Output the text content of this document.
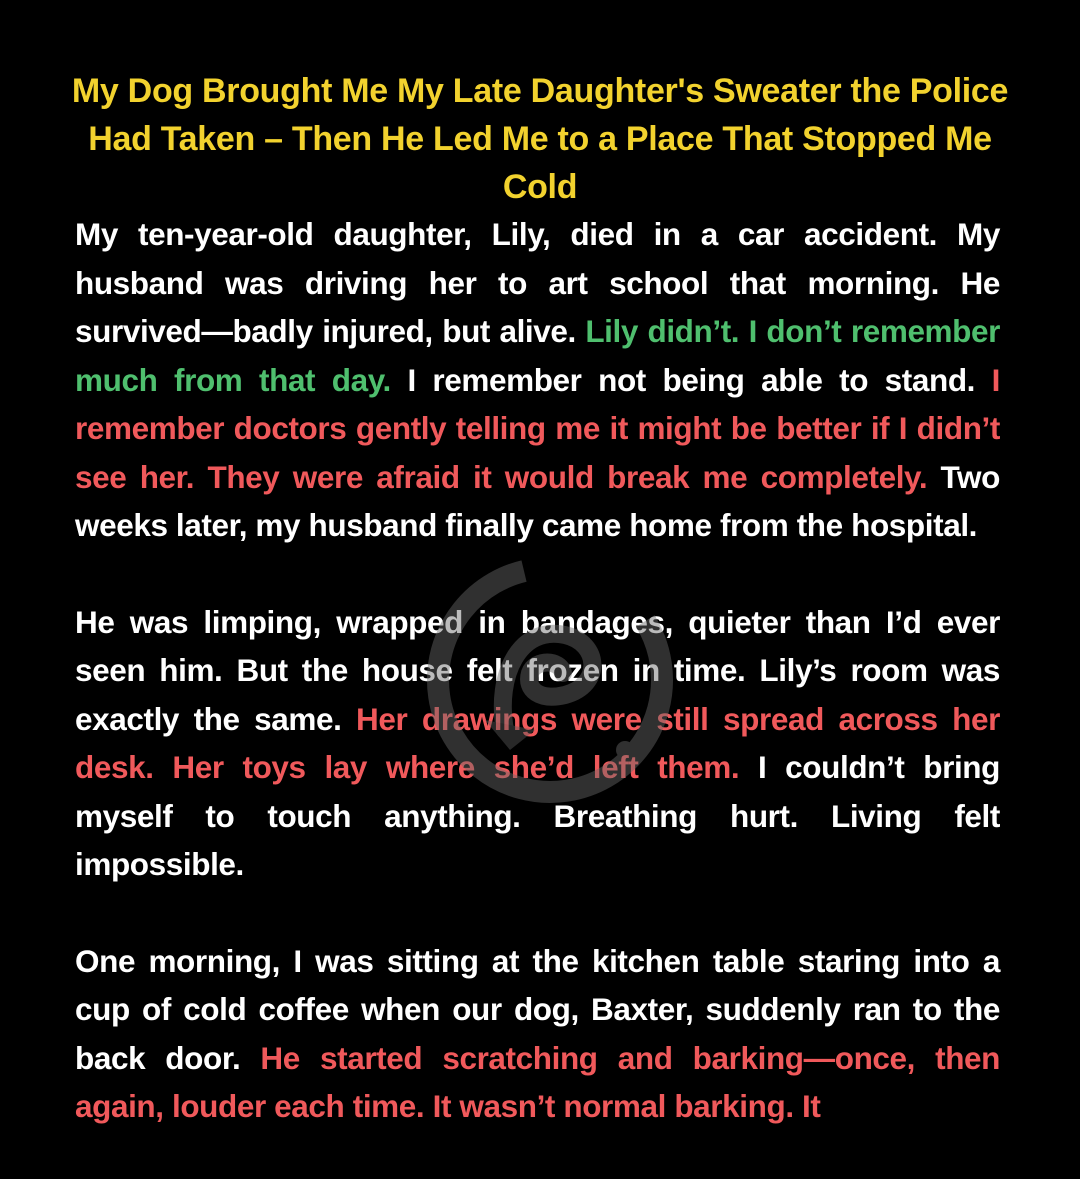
My Dog Brought Me My Late Daughter's Sweater the Police Had Taken – Then He Led Me to a Place That Stopped Me Cold

My ten-year-old daughter, Lily, died in a car accident. My husband was driving her to art school that morning. He survived—badly injured, but alive. Lily didn’t. I don’t remember much from that day. I remember not being able to stand. I remember doctors gently telling me it might be better if I didn’t see her. They were afraid it would break me completely. Two weeks later, my husband finally came home from the hospital.

He was limping, wrapped in bandages, quieter than I’d ever seen him. But the house felt frozen in time. Lily’s room was exactly the same. Her drawings were still spread across her desk. Her toys lay where she’d left them. I couldn’t bring myself to touch anything. Breathing hurt. Living felt impossible.

One morning, I was sitting at the kitchen table staring into a cup of cold coffee when our dog, Baxter, suddenly ran to the back door. He started scratching and barking—once, then again, louder each time. It wasn’t normal barking. It
